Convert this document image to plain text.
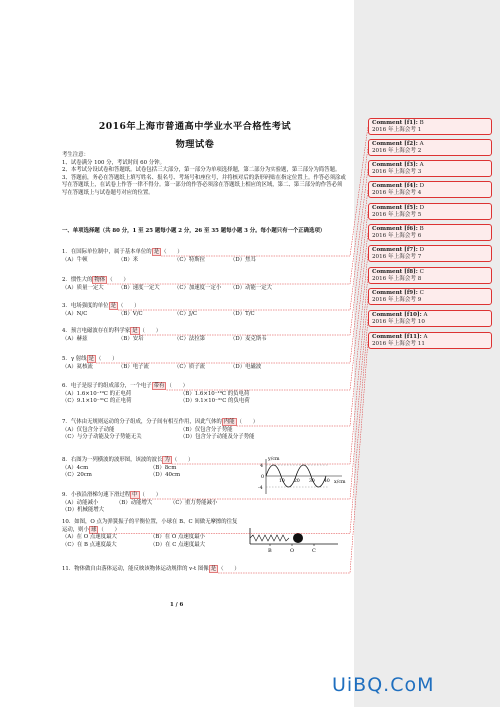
2016年上海市普通高中学业水平合格性考试
物理试卷
考生注意：
1、试卷满分 100 分，考试时间 60 分钟。
2、本考试分设试卷和答题纸。试卷包括三大部分，第一部分为单项选择题，第二部分为实验题，第三部分为简答题。
3、答题前，务必在答题纸上填写姓名、报名号、考场号和座位号，并将核对后的条形码贴在指定位置上。作答必须涂或写在答题纸上，在试卷上作答一律不得分。第一部分的作答必须涂在答题纸上相应的区域，第二、第三部分的作答必须写在答题纸上与试卷题号对应的位置。
一、单项选择题（共 80 分，1 至 25 题每小题 2 分，26 至 35 题每小题 3 分。每小题只有一个正确选项）
1．在国际单位制中，属于基本单位的 是 （　　）
（A）牛顿	（B）米	（C）特斯拉	（D）焦耳
2．惯性大的 物体 （　　）
（A）质量一定大	（B）速度一定大	（C）加速度一定小	（D）动能一定大
3．电场强度的单位 是 （　　）
（A）N/C	（B）V/C	（C）J/C	（D）T/C
4．预言电磁波存在的科学家 是 （　　）
（A）赫兹	（B）安培	（C）法拉第	（D）麦克斯韦
5．γ 射线 是 （　　）
（A）氦核流	（B）电子流	（C）质子流	（D）电磁波
6．电子是原子的组成部分，一个电子 带有 （　　）
（A）1.6×10⁻¹⁹C 的正电荷	（B）1.6×10⁻¹⁹C 的负电荷
（C）9.1×10⁻³¹C 的正电荷	（D）9.1×10⁻³¹C 的负电荷
7．气体由无规则运动的分子组成，分子间有相互作用，因此气体的 内能 （　　）
（A）仅包含分子动能	（B）仅包含分子势能
（C）与分子动能及分子势能无关	（D）包含分子动能及分子势能
8．右图为一列横波的波形图，该波的波长 为 （　　）
（A）4cm	（B）8cm
（C）20cm	（D）40cm
9．小孩沿滑梯匀速下滑过程 中 （　　）
（A）动能减小	（B）动能增大	（C）重力势能减小
（D）机械能增大
10．如图，O 点为弹簧振子的平衡位置，小球在 B、C 间做无摩擦的往复运动，则小 球 （　　）
（A）在 O 点速度最大	（B）在 O 点速度最小
（C）在 B 点速度最大	（D）在 C 点速度最大
11．物体做自由落体运动，能反映该物体运动规律的 v-t 图像 是 （　　）
y/cm
x/cm
4
0
-4
10 20 30 40
B	O	C
1 / 6
Comment [f1]: B
2016 年上海会考 1
Comment [f2]: A
2016 年上海会考 2
Comment [f3]: A
2016 年上海会考 3
Comment [f4]: D
2016 年上海会考 4
Comment [f5]: D
2016 年上海会考 5
Comment [f6]: B
2016 年上海会考 6
Comment [f7]: D
2016 年上海会考 7
Comment [f8]: C
2016 年上海会考 8
Comment [f9]: C
2016 年上海会考 9
Comment [f10]: A
2016 年上海会考 10
Comment [f11]: A
2016 年上海会考 11
UiBQ.CoM
